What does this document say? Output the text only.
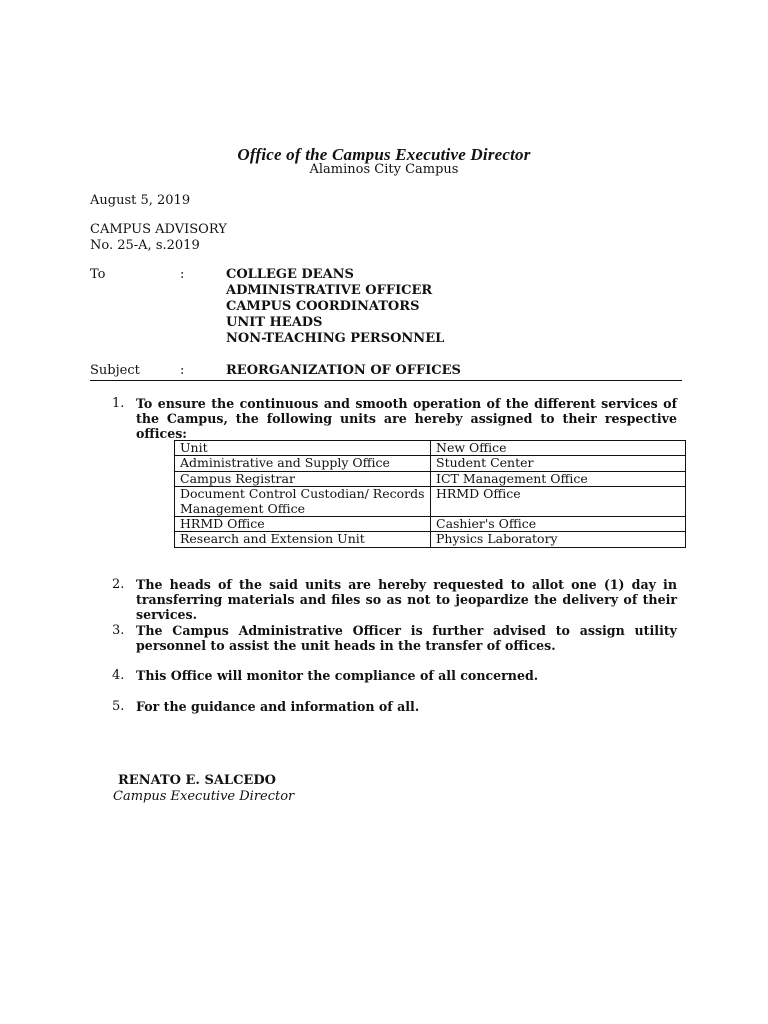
Office of the Campus Executive Director
Alaminos City Campus
August 5, 2019
CAMPUS ADVISORY
No. 25-A, s.2019
To	:	COLLEGE DEANS
ADMINISTRATIVE OFFICER
CAMPUS COORDINATORS
UNIT HEADS
NON-TEACHING PERSONNEL
Subject	:	REORGANIZATION OF OFFICES
1. To ensure the continuous and smooth operation of the different services of the Campus, the following units are hereby assigned to their respective offices:
Unit	New Office
Administrative and Supply Office	Student Center
Campus Registrar	ICT Management Office
Document Control Custodian/ Records Management Office	HRMD Office
HRMD Office	Cashier's Office
Research and Extension Unit	Physics Laboratory
2. The heads of the said units are hereby requested to allot one (1) day in transferring materials and files so as not to jeopardize the delivery of their services.
3. The Campus Administrative Officer is further advised to assign utility personnel to assist the unit heads in the transfer of offices.
4. This Office will monitor the compliance of all concerned.
5. For the guidance and information of all.
RENATO E. SALCEDO
Campus Executive Director
